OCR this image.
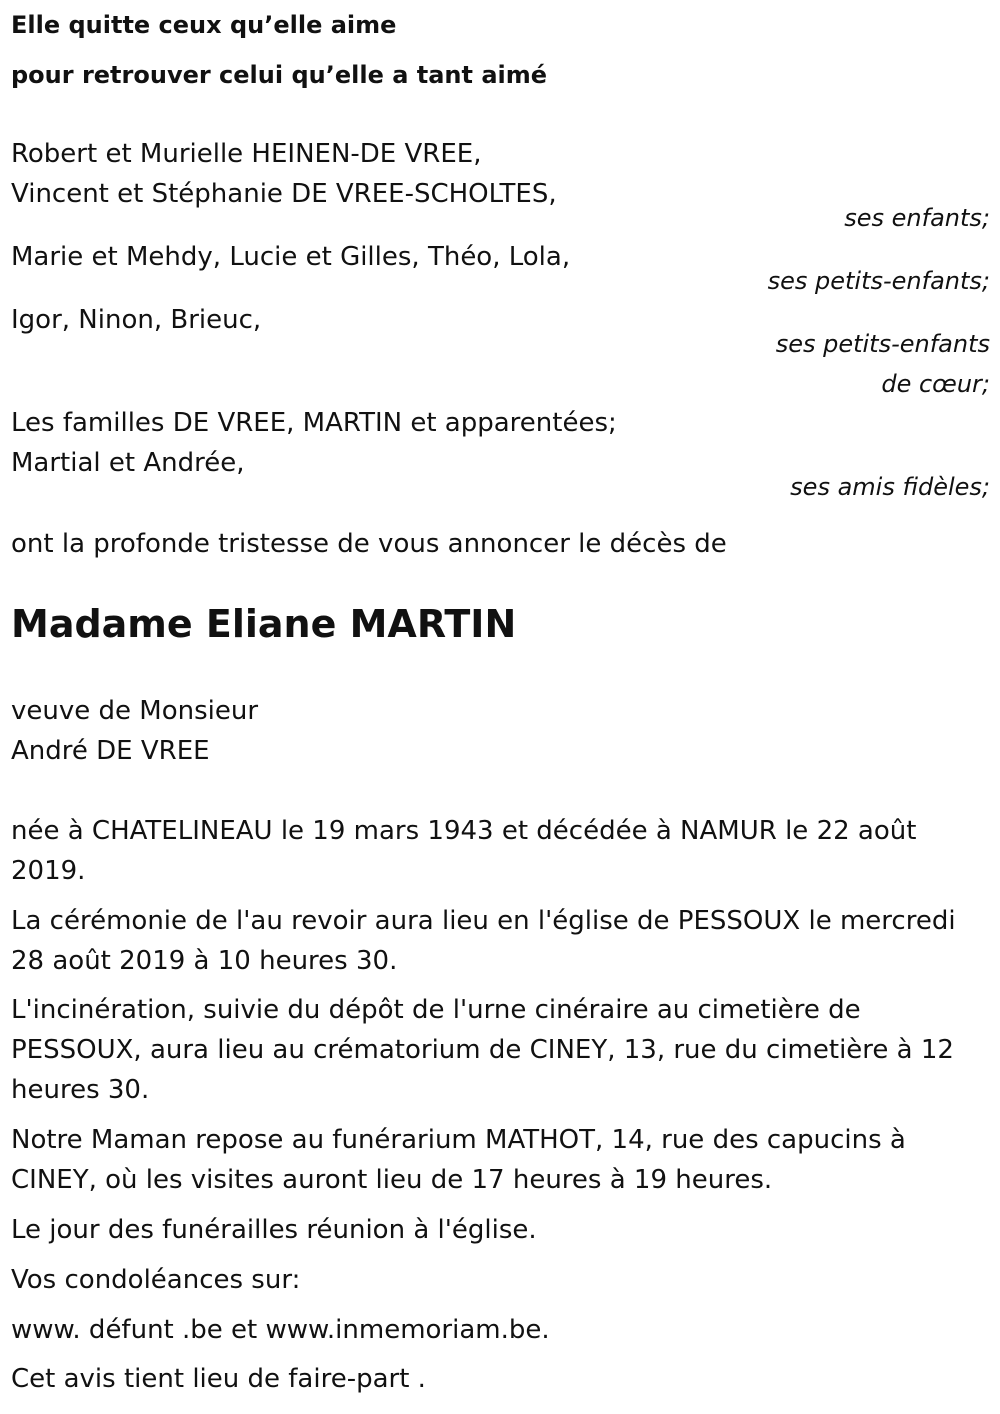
Elle quitte ceux qu’elle aime
pour retrouver celui qu’elle a tant aimé
Robert et Murielle HEINEN-DE VREE,
Vincent et Stéphanie DE VREE-SCHOLTES,
ses enfants;
Marie et Mehdy, Lucie et Gilles, Théo, Lola,
ses petits-enfants;
Igor, Ninon, Brieuc,
ses petits-enfants
de cœur;
Les familles DE VREE, MARTIN et apparentées;
Martial et Andrée,
ses amis fidèles;
ont la profonde tristesse de vous annoncer le décès de
Madame Eliane MARTIN
veuve de Monsieur
André DE VREE
née à CHATELINEAU le 19 mars 1943 et décédée à NAMUR le 22 août
2019.
La cérémonie de l'au revoir aura lieu en l'église de PESSOUX le mercredi
28 août 2019 à 10 heures 30.
L'incinération, suivie du dépôt de l'urne cinéraire au cimetière de
PESSOUX, aura lieu au crématorium de CINEY, 13, rue du cimetière à 12
heures 30.
Notre Maman repose au funérarium MATHOT, 14, rue des capucins à
CINEY, où les visites auront lieu de 17 heures à 19 heures.
Le jour des funérailles réunion à l'église.
Vos condoléances sur:
www. défunt .be et www.inmemoriam.be.
Cet avis tient lieu de faire-part .
